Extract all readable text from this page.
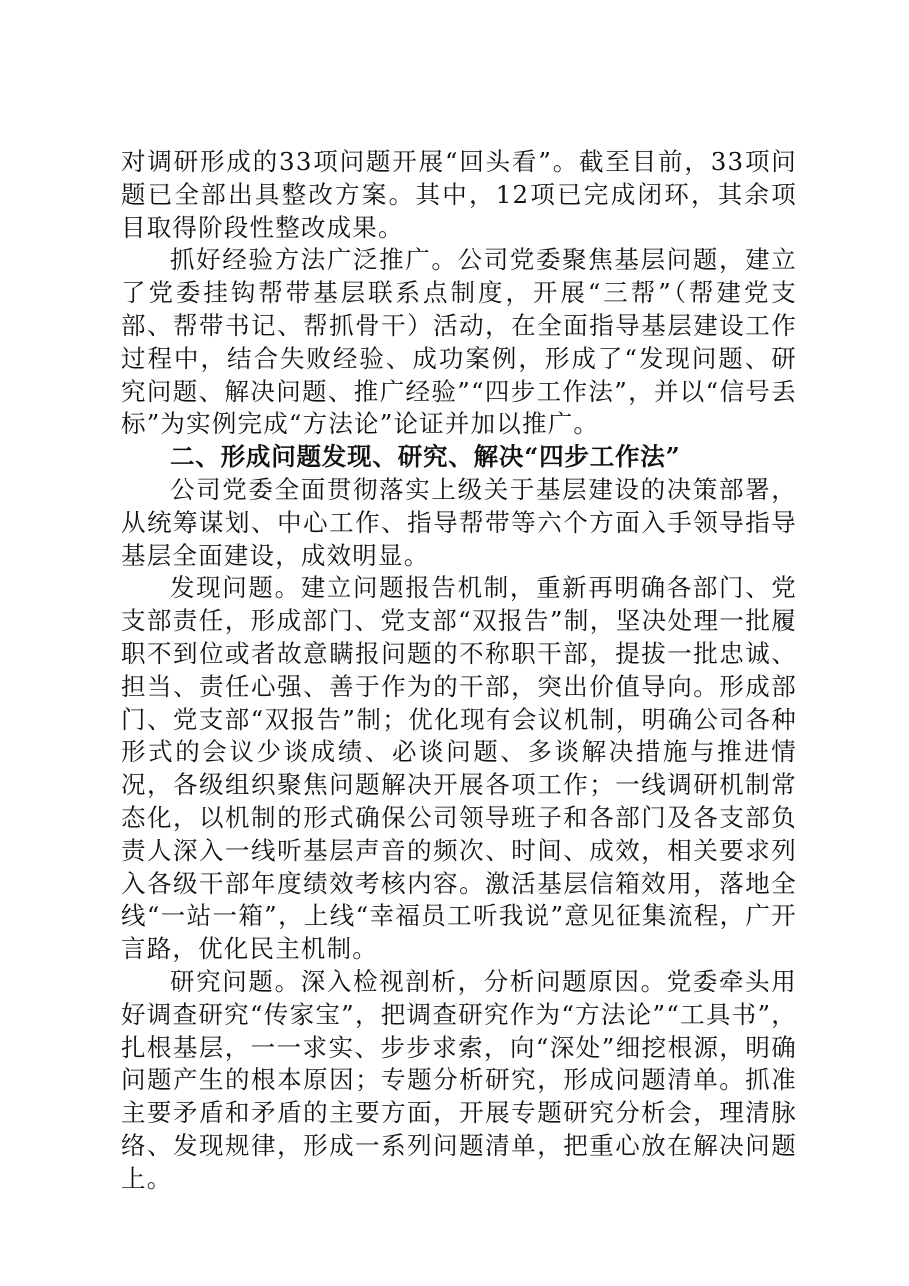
对调研形成的33项问题开展“回头看”。截至目前，33项问题已全部出具整改方案。其中，12项已完成闭环，其余项目取得阶段性整改成果。

抓好经验方法广泛推广。公司党委聚焦基层问题，建立了党委挂钩帮带基层联系点制度，开展“三帮”（帮建党支部、帮带书记、帮抓骨干）活动，在全面指导基层建设工作过程中，结合失败经验、成功案例，形成了“发现问题、研究问题、解决问题、推广经验”“四步工作法”，并以“信号丢标”为实例完成“方法论”论证并加以推广。

二、形成问题发现、研究、解决“四步工作法”

公司党委全面贯彻落实上级关于基层建设的决策部署，从统筹谋划、中心工作、指导帮带等六个方面入手领导指导基层全面建设，成效明显。

发现问题。建立问题报告机制，重新再明确各部门、党支部责任，形成部门、党支部“双报告”制，坚决处理一批履职不到位或者故意瞒报问题的不称职干部，提拔一批忠诚、担当、责任心强、善于作为的干部，突出价值导向。形成部门、党支部“双报告”制；优化现有会议机制，明确公司各种形式的会议少谈成绩、必谈问题、多谈解决措施与推进情况，各级组织聚焦问题解决开展各项工作；一线调研机制常态化，以机制的形式确保公司领导班子和各部门及各支部负责人深入一线听基层声音的频次、时间、成效，相关要求列入各级干部年度绩效考核内容。激活基层信箱效用，落地全线“一站一箱”，上线“幸福员工听我说”意见征集流程，广开言路，优化民主机制。

研究问题。深入检视剖析，分析问题原因。党委牵头用好调查研究“传家宝”，把调查研究作为“方法论”“工具书”，扎根基层，一一求实、步步求索，向“深处”细挖根源，明确问题产生的根本原因；专题分析研究，形成问题清单。抓准主要矛盾和矛盾的主要方面，开展专题研究分析会，理清脉络、发现规律，形成一系列问题清单，把重心放在解决问题上。
